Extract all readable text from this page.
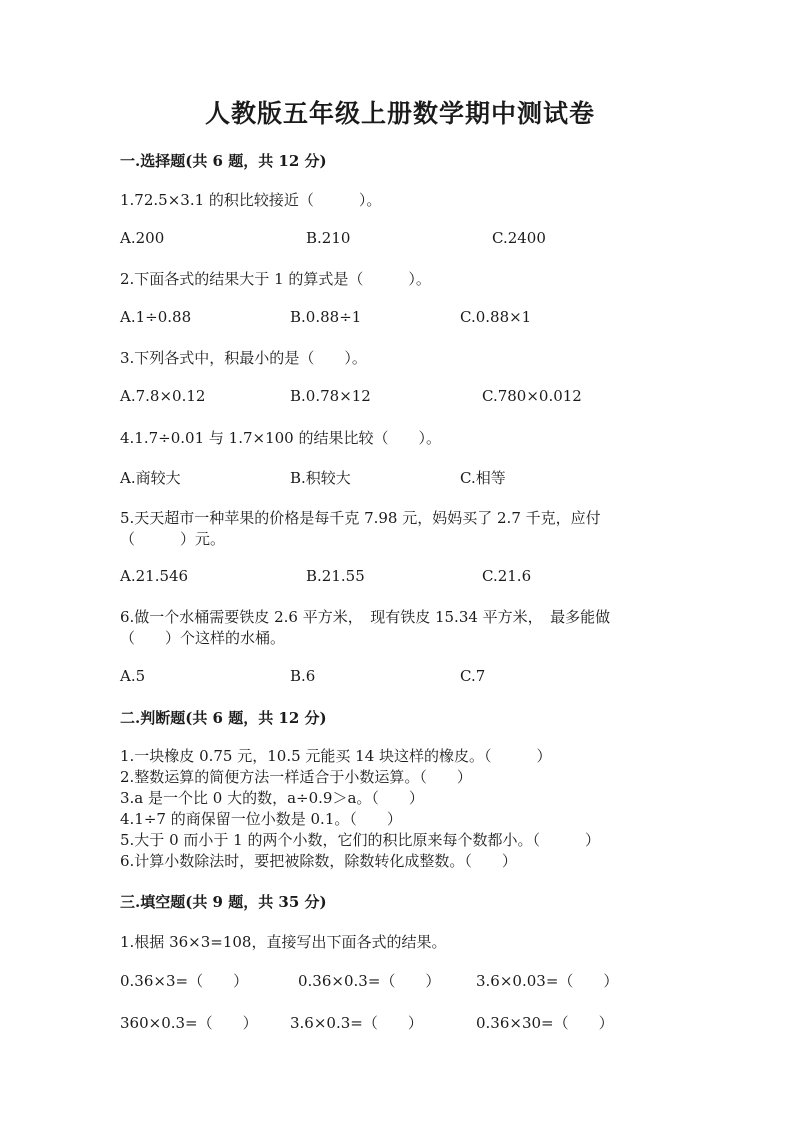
人教版五年级上册数学期中测试卷
一.选择题(共 6 题，共 12 分)
1.72.5×3.1 的积比较接近（　　　）。
A.200	B.210	C.2400
2.下面各式的结果大于 1 的算式是（　　　）。
A.1÷0.88	B.0.88÷1	C.0.88×1
3.下列各式中，积最小的是（　　）。
A.7.8×0.12	B.0.78×12	C.780×0.012
4.1.7÷0.01 与 1.7×100 的结果比较（　　）。
A.商较大	B.积较大	C.相等
5.天天超市一种苹果的价格是每千克 7.98 元，妈妈买了 2.7 千克，应付
（　　　）元。
A.21.546	B.21.55	C.21.6
6.做一个水桶需要铁皮 2.6 平方米，　现有铁皮 15.34 平方米，　最多能做
（　　）个这样的水桶。
A.5	B.6	C.7
二.判断题(共 6 题，共 12 分)
1.一块橡皮 0.75 元，10.5 元能买 14 块这样的橡皮。（　　　）
2.整数运算的简便方法一样适合于小数运算。（　　）
3.a 是一个比 0 大的数，a÷0.9＞a。（　　）
4.1÷7 的商保留一位小数是 0.1。（　　）
5.大于 0 而小于 1 的两个小数，它们的积比原来每个数都小。（　　　）
6.计算小数除法时，要把被除数，除数转化成整数。（　　）
三.填空题(共 9 题，共 35 分)
1.根据 36×3=108，直接写出下面各式的结果。
0.36×3=（　　）	0.36×0.3=（　　） 3.6×0.03=（　　）
360×0.3=（　　） 3.6×0.3=（　　）	0.36×30=（　　）
